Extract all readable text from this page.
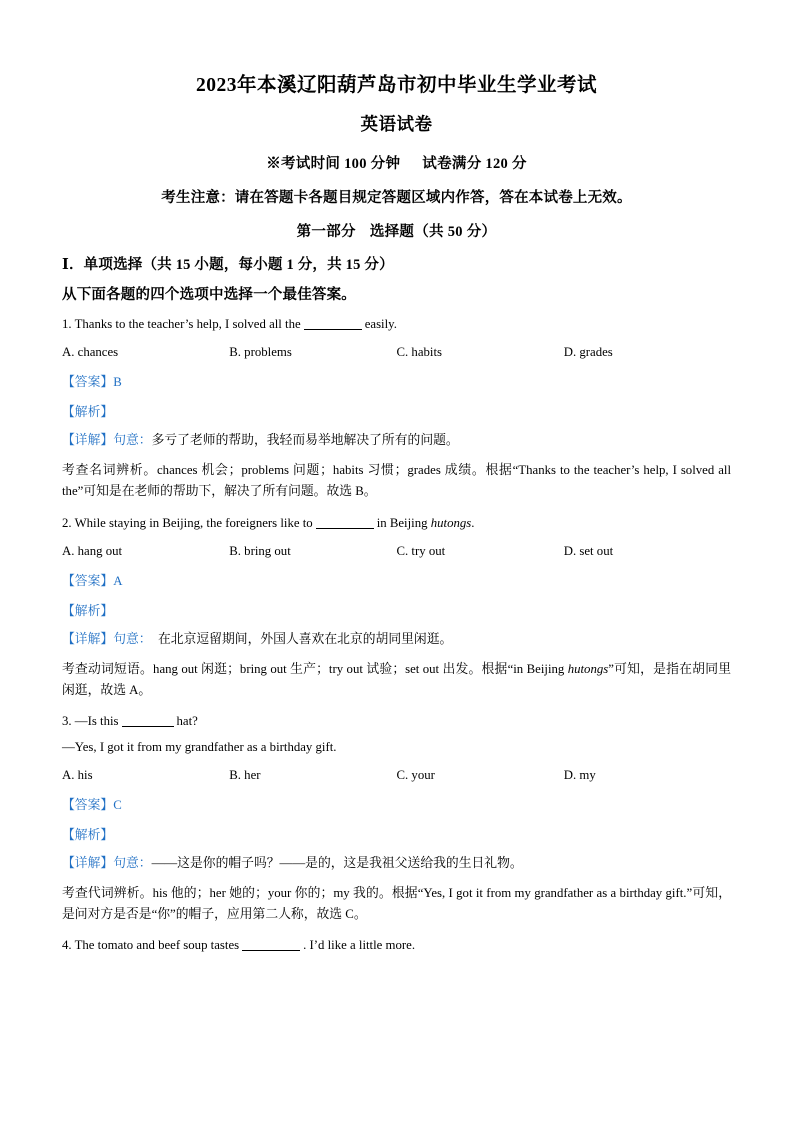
2023年本溪辽阳葫芦岛市初中毕业生学业考试
英语试卷
※考试时间 100 分钟 试卷满分 120 分
考生注意：请在答题卡各题目规定答题区域内作答，答在本试卷上无效。
第一部分 选择题（共 50 分）
Ⅰ．单项选择（共 15 小题，每小题 1 分，共 15 分）
从下面各题的四个选项中选择一个最佳答案。
1. Thanks to the teacher’s help, I solved all the	easily.
A. chances	B. problems	C. habits	D. grades
【答案】B
【解析】
【详解】句意：多亏了老师的帮助，我轻而易举地解决了所有的问题。
考查名词辨析。chances 机会；problems 问题；habits 习惯；grades 成绩。根据“Thanks to the teacher’s help, I solved all the”可知是在老师的帮助下，解决了所有问题。故选 B。
2. While staying in Beijing, the foreigners like to	in Beijing hutongs.
A. hang out	B. bring out	C. try out	D. set out
【答案】A
【解析】
【详解】句意： 在北京逗留期间，外国人喜欢在北京的胡同里闲逛。
考查动词短语。hang out 闲逛；bring out 生产；try out 试验；set out 出发。根据“in Beijing hutongs”可知，是指在胡同里闲逛，故选 A。
3. —Is this	hat?
—Yes, I got it from my grandfather as a birthday gift.
A. his	B. her	C. your	D. my
【答案】C
【解析】
【详解】句意：——这是你的帽子吗？——是的，这是我祖父送给我的生日礼物。
考查代词辨析。his 他的；her 她的；your 你的；my 我的。根据“Yes, I got it from my grandfather as a birthday gift.”可知，是问对方是否是“你”的帽子，应用第二人称，故选 C。
4. The tomato and beef soup tastes	. I’d like a little more.
